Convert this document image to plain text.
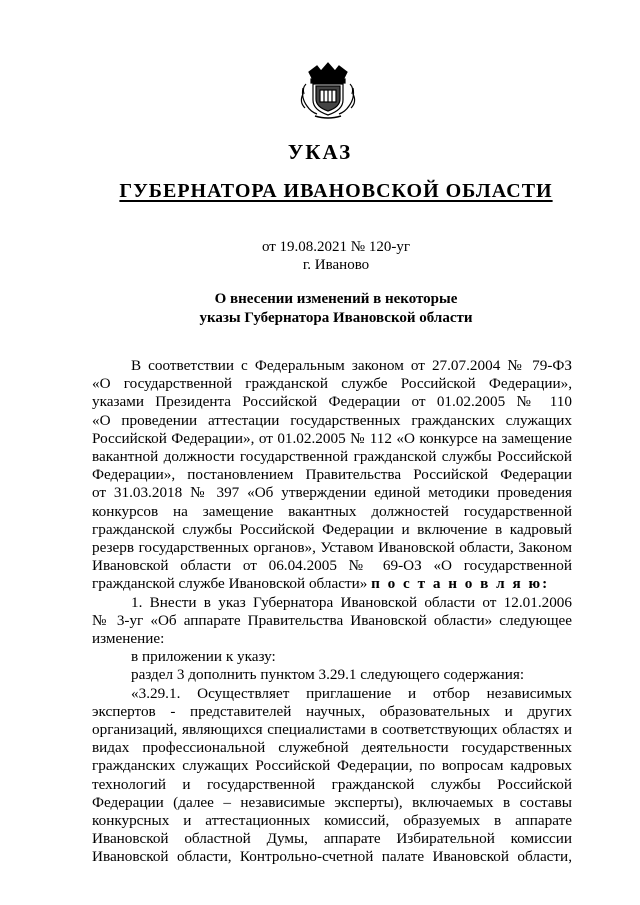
УКАЗ
ГУБЕРНАТОРА ИВАНОВСКОЙ ОБЛАСТИ
от 19.08.2021 № 120-уг
г. Иваново
О внесении изменений в некоторые
указы Губернатора Ивановской области

В соответствии с Федеральным законом от 27.07.2004 № 79-ФЗ

«О государственной гражданской службе Российской Федерации»,

указами Президента Российской Федерации от 01.02.2005 № 110

«О проведении аттестации государственных гражданских служащих

Российской Федерации», от 01.02.2005 № 112 «О конкурсе на замещение

вакантной должности государственной гражданской службы Российской

Федерации», постановлением Правительства Российской Федерации

от 31.03.2018 № 397 «Об утверждении единой методики проведения

конкурсов на замещение вакантных должностей государственной

гражданской службы Российской Федерации и включение в кадровый

резерв государственных органов», Уставом Ивановской области, Законом

Ивановской области от 06.04.2005 № 69-ОЗ «О государственной

гражданской службе Ивановской области» п о с т а н о в л я ю:

1. Внести в указ Губернатора Ивановской области от 12.01.2006

№ 3-уг «Об аппарате Правительства Ивановской области» следующее

изменение:

в приложении к указу:

раздел 3 дополнить пунктом 3.29.1 следующего содержания:

«3.29.1. Осуществляет приглашение и отбор независимых

экспертов - представителей научных, образовательных и других

организаций, являющихся специалистами в соответствующих областях и

видах профессиональной служебной деятельности государственных

гражданских служащих Российской Федерации, по вопросам кадровых

технологий и государственной гражданской службы Российской

Федерации (далее – независимые эксперты), включаемых в составы

конкурсных и аттестационных комиссий, образуемых в аппарате

Ивановской областной Думы, аппарате Избирательной комиссии

Ивановской области, Контрольно-счетной палате Ивановской области,
